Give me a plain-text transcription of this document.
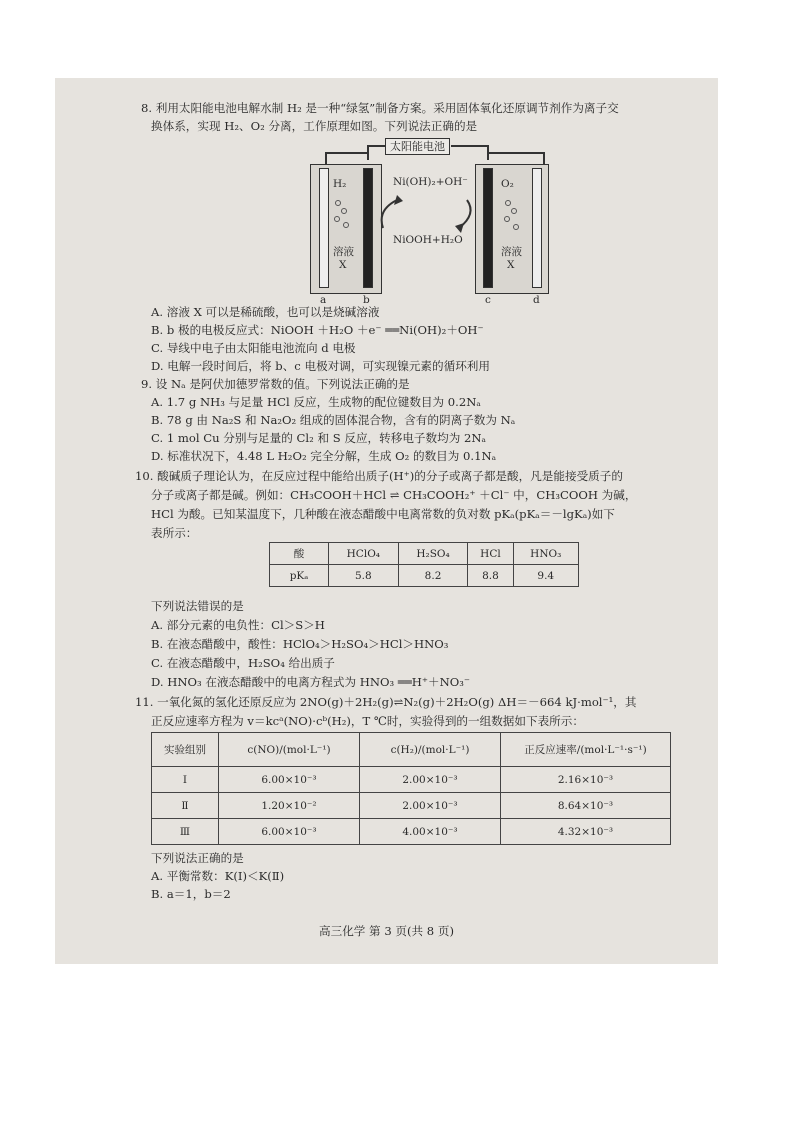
8. 利用太阳能电池电解水制 H₂ 是一种“绿氢”制备方案。采用固体氧化还原调节剂作为离子交
换体系，实现 H₂、O₂ 分离，工作原理如图。下列说法正确的是
太阳能电池
H₂	O₂
Ni(OH)₂+OH⁻
NiOOH+H₂O
溶液
X
溶液
X
a	b	c	d
A. 溶液 X 可以是稀硫酸，也可以是烧碱溶液
B. b 极的电极反应式：NiOOH ＋H₂O ＋e⁻ ══Ni(OH)₂＋OH⁻
C. 导线中电子由太阳能电池流向 d 电极
D. 电解一段时间后，将 b、c 电极对调，可实现镍元素的循环利用
9. 设 Nₐ 是阿伏加德罗常数的值。下列说法正确的是
A. 1.7 g NH₃ 与足量 HCl 反应，生成物的配位键数目为 0.2Nₐ
B. 78 g 由 Na₂S 和 Na₂O₂ 组成的固体混合物，含有的阴离子数为 Nₐ
C. 1 mol Cu 分别与足量的 Cl₂ 和 S 反应，转移电子数均为 2Nₐ
D. 标准状况下，4.48 L H₂O₂ 完全分解，生成 O₂ 的数目为 0.1Nₐ
10. 酸碱质子理论认为，在反应过程中能给出质子(H⁺)的分子或离子都是酸，凡是能接受质子的
分子或离子都是碱。例如：CH₃COOH＋HCl ⇌ CH₃COOH₂⁺ ＋Cl⁻ 中，CH₃COOH 为碱，
HCl 为酸。已知某温度下，几种酸在液态醋酸中电离常数的负对数 pKₐ(pKₐ＝－lgKₐ)如下
表所示：
酸	HClO₄	H₂SO₄	HCl	HNO₃
pKₐ	5.8	8.2	8.8	9.4
下列说法错误的是
A. 部分元素的电负性：Cl＞S＞H
B. 在液态醋酸中，酸性：HClO₄＞H₂SO₄＞HCl＞HNO₃
C. 在液态醋酸中，H₂SO₄ 给出质子
D. HNO₃ 在液态醋酸中的电离方程式为 HNO₃ ══H⁺＋NO₃⁻
11. 一氧化氮的氢化还原反应为 2NO(g)＋2H₂(g)⇌N₂(g)＋2H₂O(g) ΔH＝－664 kJ·mol⁻¹，其
正反应速率方程为 v＝kcᵃ(NO)·cᵇ(H₂)，T ℃时，实验得到的一组数据如下表所示：
实验组别	c(NO)/(mol·L⁻¹)	c(H₂)/(mol·L⁻¹)	正反应速率/(mol·L⁻¹·s⁻¹)
Ⅰ	6.00×10⁻³	2.00×10⁻³	2.16×10⁻³
Ⅱ	1.20×10⁻²	2.00×10⁻³	8.64×10⁻³
Ⅲ	6.00×10⁻³	4.00×10⁻³	4.32×10⁻³
下列说法正确的是
A. 平衡常数：K(Ⅰ)＜K(Ⅱ)
B. a＝1，b＝2
高三化学 第 3 页(共 8 页)
